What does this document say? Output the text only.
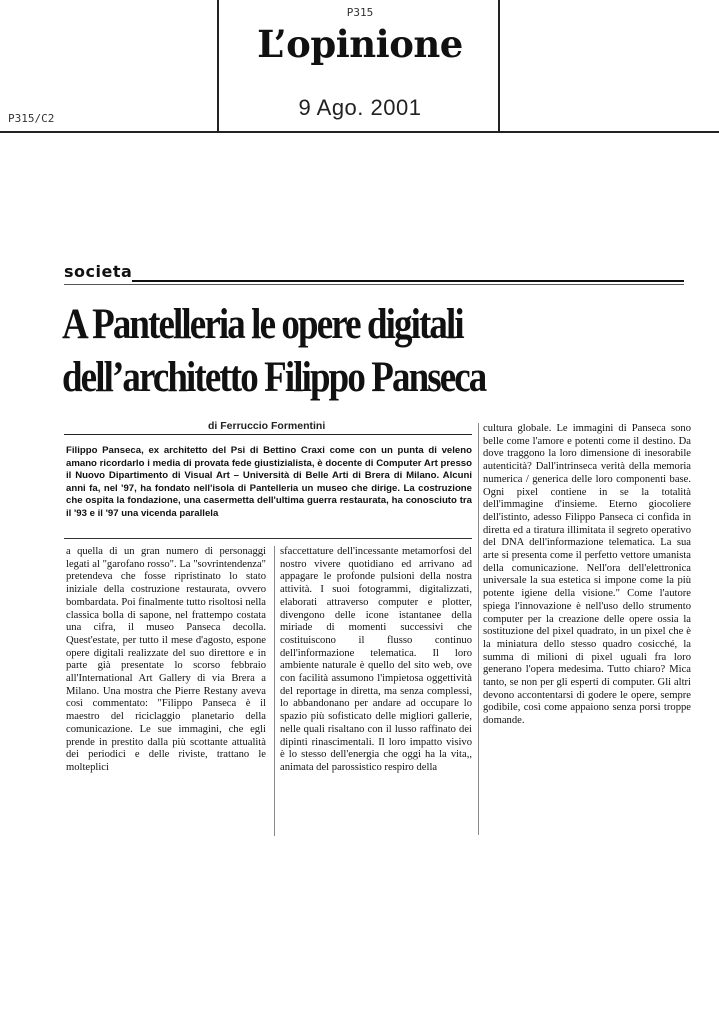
P315
L’opinione
9 Ago. 2001
P315/C2
societa
A Pantelleria le opere digitali
dell’architetto Filippo Panseca
di Ferruccio Formentini
Filippo Panseca, ex architetto del Psi di Bettino Craxi come con un punta di veleno amano ricordarlo i media di provata fede giustizialista, è docente di Computer Art presso il Nuovo Dipartimento di Visual Art – Università di Belle Arti di Brera di Milano. Alcuni anni fa, nel '97, ha fondato nell'isola di Pantelleria un museo che dirige. La costruzione che ospita la fondazione, una casermetta dell'ultima guerra restaurata, ha conosciuto tra il '93 e il '97 una vicenda parallela
a quella di un gran numero di personaggi legati al "garofano rosso". La "sovrintendenza" pretendeva che fosse ripristinato lo stato iniziale della costruzione restaurata, ovvero bombardata. Poi finalmente tutto risoltosi nella classica bolla di sapone, nel frattempo costata una cifra, il museo Panseca decolla. Quest'estate, per tutto il mese d'agosto, espone opere digitali realizzate del suo direttore e in parte già presentate lo scorso febbraio all'International Art Gallery di via Brera a Milano. Una mostra che Pierre Restany aveva così commentato: "Filippo Panseca è il maestro del riciclaggio planetario della comunicazione. Le sue immagini, che egli prende in prestito dalla più scottante attualità dei periodici e delle riviste, trattano le molteplici
sfaccettature dell'incessante metamorfosi del nostro vivere quotidiano ed arrivano ad appagare le profonde pulsioni della nostra attività. I suoi fotogrammi, digitalizzati, elaborati attraverso computer e plotter, divengono delle icone istantanee della miriade di momenti successivi che costituiscono il flusso continuo dell'informazione telematica. Il loro ambiente naturale è quello del sito web, ove con facilità assumono l'impietosa oggettività del reportage in diretta, ma senza complessi, lo abbandonano per andare ad occupare lo spazio più sofisticato delle migliori gallerie, nelle quali risaltano con il lusso raffinato dei dipinti rinascimentali. Il loro impatto visivo è lo stesso dell'energia che oggi ha la vita,, animata del parossistico respiro della
cultura globale. Le immagini di Panseca sono belle come l'amore e potenti come il destino. Da dove traggono la loro dimensione di inesorabile autenticità? Dall'intrinseca verità della memoria numerica / generica delle loro componenti base. Ogni pixel contiene in se la totalità dell'immagine d'insieme. Eterno giocoliere dell'istinto, adesso Filippo Panseca ci confida in diretta ed a tiratura illimitata il segreto operativo del DNA dell'informazione telematica. La sua arte si presenta come il perfetto vettore umanista della comunicazione. Nell'ora dell'elettronica universale la sua estetica si impone come la più potente igiene della visione." Come l'autore spiega l'innovazione è nell'uso dello strumento computer per la creazione delle opere ossia la sostituzione del pixel quadrato, in un pixel che è la miniatura dello stesso quadro cosicché, la summa di milioni di pixel uguali fra loro generano l'opera medesima. Tutto chiaro? Mica tanto, se non per gli esperti di computer. Gli altri devono accontentarsi di godere le opere, sempre godibile, così come appaiono senza porsi troppe domande.
